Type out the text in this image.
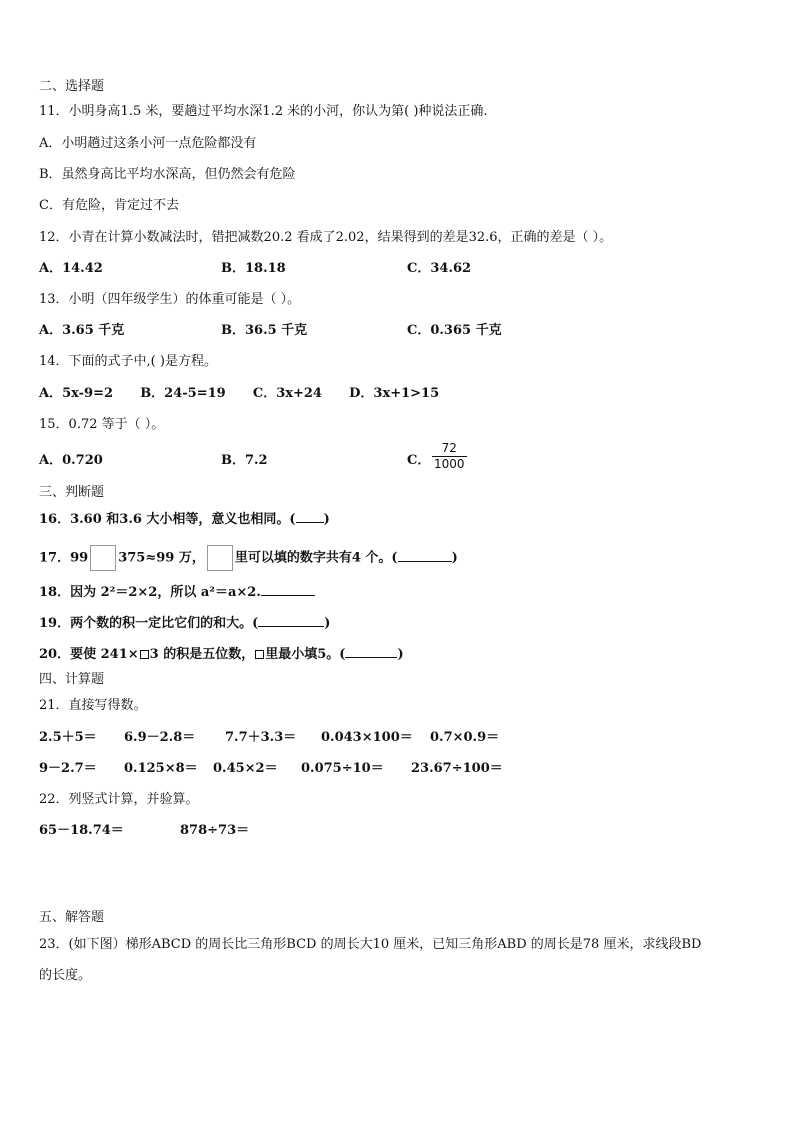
二、选择题
11．小明身高1.5 米，要趟过平均水深1.2 米的小河，你认为第( )种说法正确.
A．小明趟过这条小河一点危险都没有
B．虽然身高比平均水深高，但仍然会有危险
C．有危险，肯定过不去
12．小青在计算小数减法时，错把减数20.2 看成了2.02，结果得到的差是32.6，正确的差是（ ）。
A．14.42	B．18.18	C．34.62
13．小明（四年级学生）的体重可能是（ ）。
A．3.65 千克	B．36.5 千克	C．0.365 千克
14．下面的式子中,( )是方程。
A．5x-9=2      B．24-5=19      C．3x+24      D．3x+1>15
15．0.72 等于（ ）。
A．0.720	B．7.2	C．
72
1000
三、判断题
16．3.60 和3.6 大小相等，意义也相同。( )
17．99 375≈99 万， 里可以填的数字共有4 个。(	)
18．因为 2²＝2×2，所以 a²＝a×2.
19．两个数的积一定比它们的和大。(	)
20．要使 241× 3 的积是五位数， 里最小填5。(	)
四、计算题
21．直接写得数。
2.5＋5＝ 6.9－2.8＝ 7.7＋3.3＝ 0.043×100＝ 0.7×0.9＝
9－2.7＝ 0.125×8＝ 0.45×2＝ 0.075÷10＝ 23.67÷100＝
22．列竖式计算，并验算。
65－18.74＝	878÷73＝
五、解答题
23．(如下图）梯形ABCD 的周长比三角形BCD 的周长大10 厘米，已知三角形ABD 的周长是78 厘米，求线段BD
的长度。
